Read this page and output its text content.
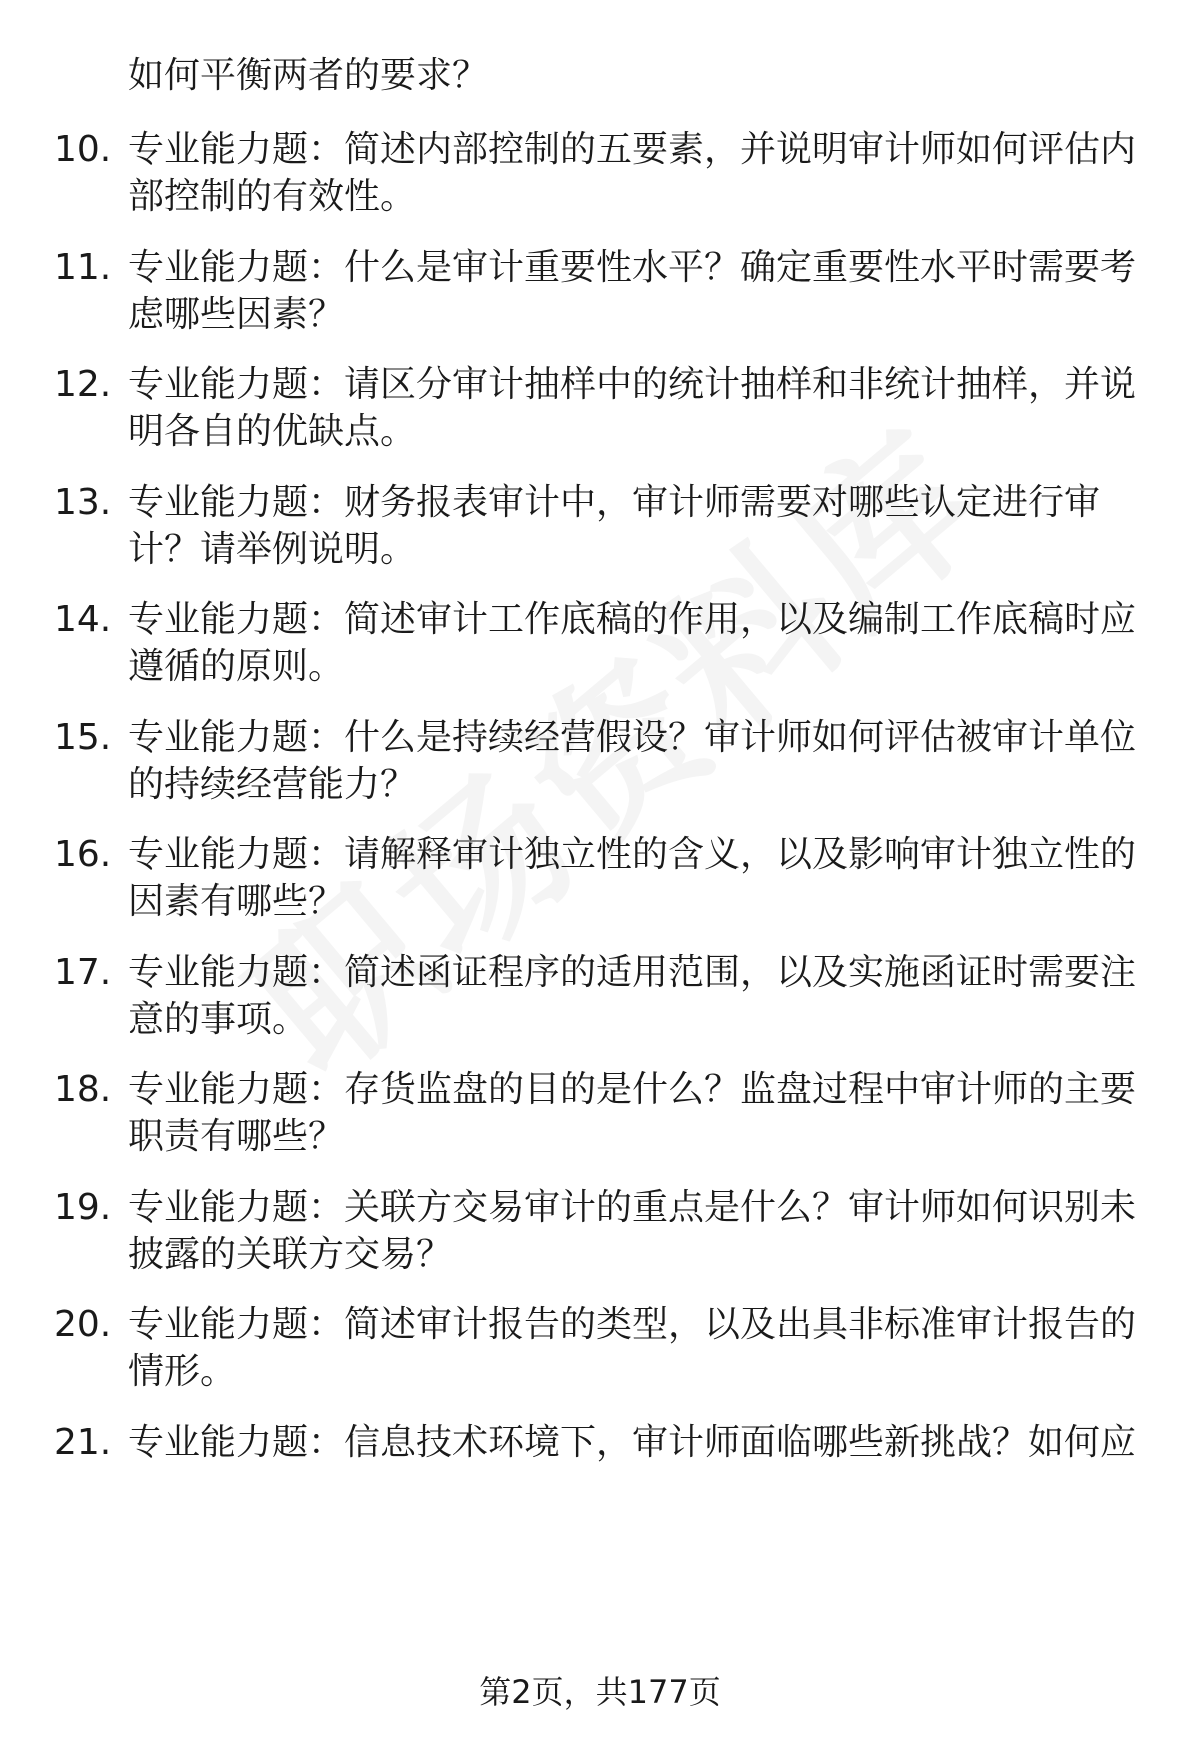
如何平衡两者的要求？
10. 专业能力题：简述内部控制的五要素，并说明审计师如何评估内
部控制的有效性。
11. 专业能力题：什么是审计重要性水平？确定重要性水平时需要考
虑哪些因素？
12. 专业能力题：请区分审计抽样中的统计抽样和非统计抽样，并说
明各自的优缺点。
13. 专业能力题：财务报表审计中，审计师需要对哪些认定进行审
计？请举例说明。
14. 专业能力题：简述审计工作底稿的作用，以及编制工作底稿时应
遵循的原则。
15. 专业能力题：什么是持续经营假设？审计师如何评估被审计单位
的持续经营能力？
16. 专业能力题：请解释审计独立性的含义，以及影响审计独立性的
因素有哪些？
17. 专业能力题：简述函证程序的适用范围，以及实施函证时需要注
意的事项。
18. 专业能力题：存货监盘的目的是什么？监盘过程中审计师的主要
职责有哪些？
19. 专业能力题：关联方交易审计的重点是什么？审计师如何识别未
披露的关联方交易？
20. 专业能力题：简述审计报告的类型，以及出具非标准审计报告的
情形。
21. 专业能力题：信息技术环境下，审计师面临哪些新挑战？如何应
第2页，共177页
